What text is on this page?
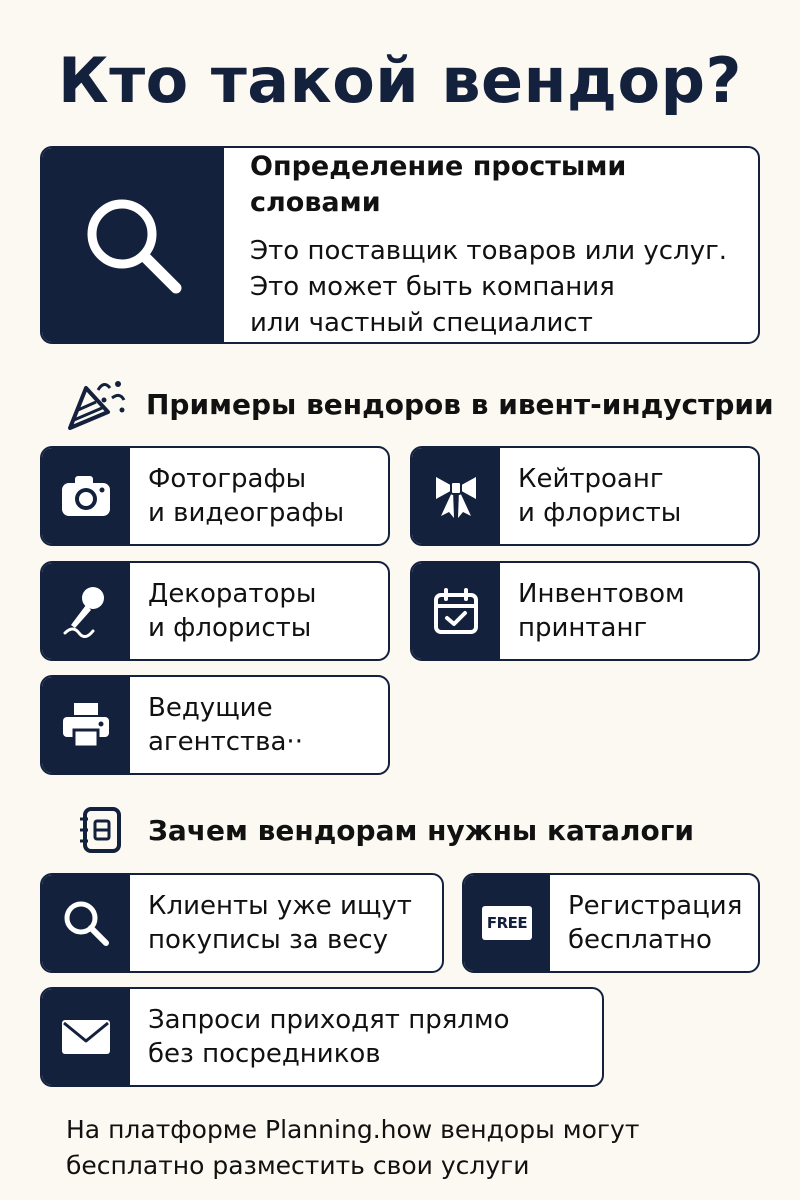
Кто такой вендор?
Определение простыми словами
Это поставщик товаров или услуг.
Это может быть компания
или частный специалист
Примеры вендоров в ивент-индустрии
Фотографы
и видеографы
Кейтроанг
и флористы
Декораторы
и флористы
Инвентовом
принтанг
Ведущие
агентства··
Зачем вендорам нужны каталоги
Клиенты уже ищут
покуписы за весу
FREE
Регистрация
бесплатно
Запроси приходят прялмо
без посредников
На платформе Planning.how вендоры могут
бесплатно разместить свои услуги
